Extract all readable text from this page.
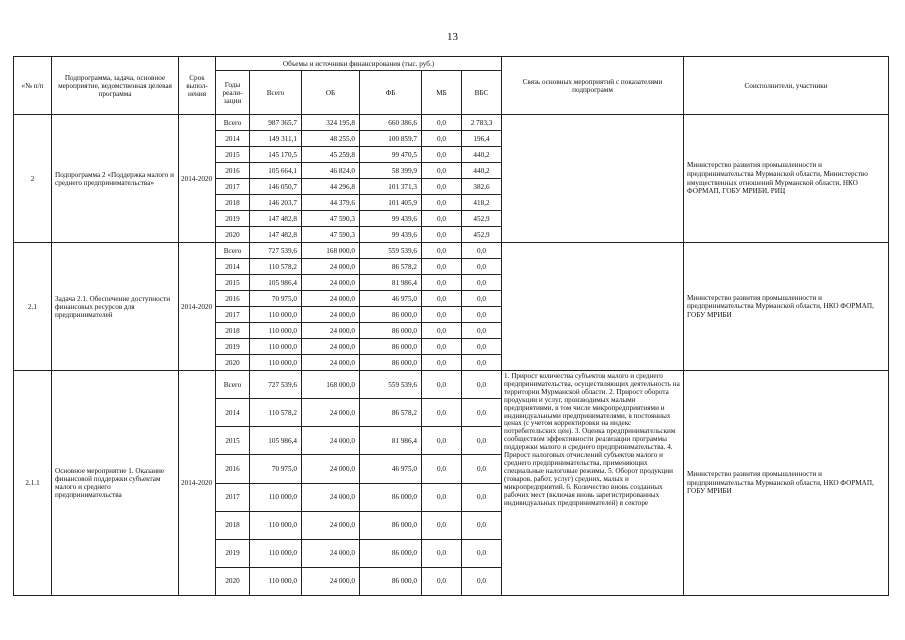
13
«№ п/п	Подпрограмма, задача, основное мероприятие, ведомственная целевая программа	Срок выпол-нения	Объемы и источники финансирования (тыс. руб.)						Связь основных мероприятий с показателями подпрограмм	Соисполнители, участники
			Годы реали-зации	Всего	ОБ	ФБ	МБ	ВБС		
2	Подпрограмма 2 «Поддержка малого и среднего предпринимательства»	2014-2020	Всего	987 365,7	324 195,8	660 386,6	0,0	2 783,3		Министерство развития промышленности и предпринимательства Мурманской области, Министерство имущественных отношений Мурманской области, НКО ФОРМАП, ГОБУ МРИБИ, РИЦ
			2014	149 311,1	48 255,0	100 859,7	0,0	196,4		
			2015	145 170,5	45 259,8	99 470,5	0,0	440,2		
			2016	105 664,1	46 824,0	58 399,9	0,0	440,2		
			2017	146 050,7	44 296,8	101 371,3	0,0	382,6		
			2018	146 203,7	44 379,6	101 405,9	0,0	418,2		
			2019	147 482,8	47 590,3	99 439,6	0,0	452,9		
			2020	147 482,8	47 590,3	99 439,6	0,0	452,9		
2.1	Задача 2.1. Обеспечение доступности финансовых ресурсов для предпринимателей	2014-2020	Всего	727 539,6	168 000,0	559 539,6	0,0	0,0		Министерство развития промышленности и предпринимательства Мурманской области, НКО ФОРМАП, ГОБУ МРИБИ
			2014	110 578,2	24 000,0	86 578,2	0,0	0,0		
			2015	105 986,4	24 000,0	81 986,4	0,0	0,0		
			2016	70 975,0	24 000,0	46 975,0	0,0	0,0		
			2017	110 000,0	24 000,0	86 000,0	0,0	0,0		
			2018	110 000,0	24 000,0	86 000,0	0,0	0,0		
			2019	110 000,0	24 000,0	86 000,0	0,0	0,0		
			2020	110 000,0	24 000,0	86 000,0	0,0	0,0		
2.1.1	Основное мероприятие 1. Оказание финансовой поддержки субъектам малого и среднего предпринимательства	2014-2020	Всего	727 539,6	168 000,0	559 539,6	0,0	0,0	1. Прирост количества субъектов малого и среднего предпринимательства, осуществляющих деятельность на территории Мурманской области. 2. Прирост оборота продукции и услуг, производимых малыми предприятиями, в том числе микропредприятиями и индивидуальными предпринимателями, в постоянных ценах (с учетом корректировки на индекс потребительских цен). 3. Оценка предпринимательским сообществом эффективности реализации программы поддержки малого и среднего предпринимательства. 4. Прирост налоговых отчислений субъектов малого и среднего предпринимательства, применяющих специальные налоговые режимы. 5. Оборот продукции (товаров, работ, услуг) средних, малых и микропредприятий. 6. Количество вновь созданных рабочих мест (включая вновь зарегистрированных индивидуальных предпринимателей) в секторе	Министерство развития промышленности и предпринимательства Мурманской области, НКО ФОРМАП, ГОБУ МРИБИ
			2014	110 578,2	24 000,0	86 578,2	0,0	0,0		
			2015	105 986,4	24 000,0	81 986,4	0,0	0,0		
			2016	70 975,0	24 000,0	46 975,0	0,0	0,0		
			2017	110 000,0	24 000,0	86 000,0	0,0	0,0		
			2018	110 000,0	24 000,0	86 000,0	0,0	0,0		
			2019	110 000,0	24 000,0	86 000,0	0,0	0,0		
			2020	110 000,0	24 000,0	86 000,0	0,0	0,0		
